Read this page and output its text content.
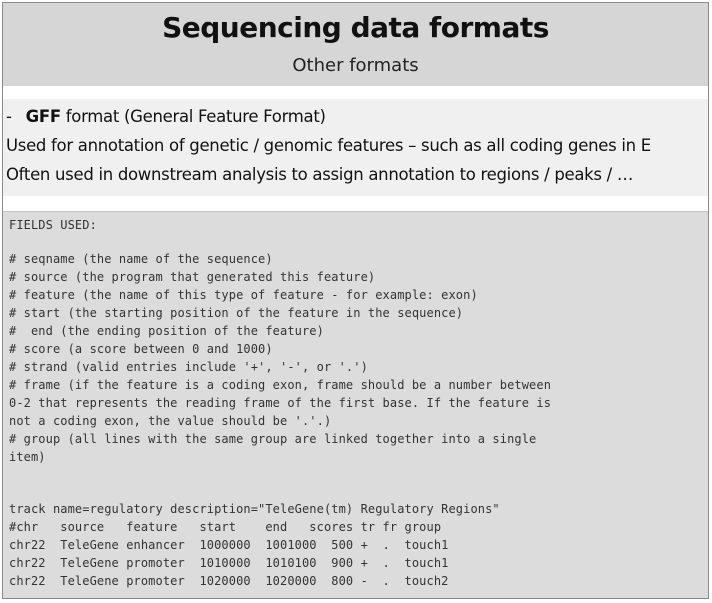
Sequencing data formats
Other formats
- GFF format (General Feature Format)
Used for annotation of genetic / genomic features – such as all coding genes in E
Often used in downstream analysis to assign annotation to regions / peaks / …
FIELDS USED:
# seqname (the name of the sequence)
# source (the program that generated this feature)
# feature (the name of this type of feature - for example: exon)
# start (the starting position of the feature in the sequence)
#  end (the ending position of the feature)
# score (a score between 0 and 1000)
# strand (valid entries include '+', '-', or '.')
# frame (if the feature is a coding exon, frame should be a number between
0-2 that represents the reading frame of the first base. If the feature is
not a coding exon, the value should be '.'.)
# group (all lines with the same group are linked together into a single
item)
track name=regulatory description="TeleGene(tm) Regulatory Regions"
#chr   source   feature   start    end   scores tr fr group
chr22  TeleGene enhancer  1000000  1001000  500 +  .  touch1
chr22  TeleGene promoter  1010000  1010100  900 +  .  touch1
chr22  TeleGene promoter  1020000  1020000  800 -  .  touch2
